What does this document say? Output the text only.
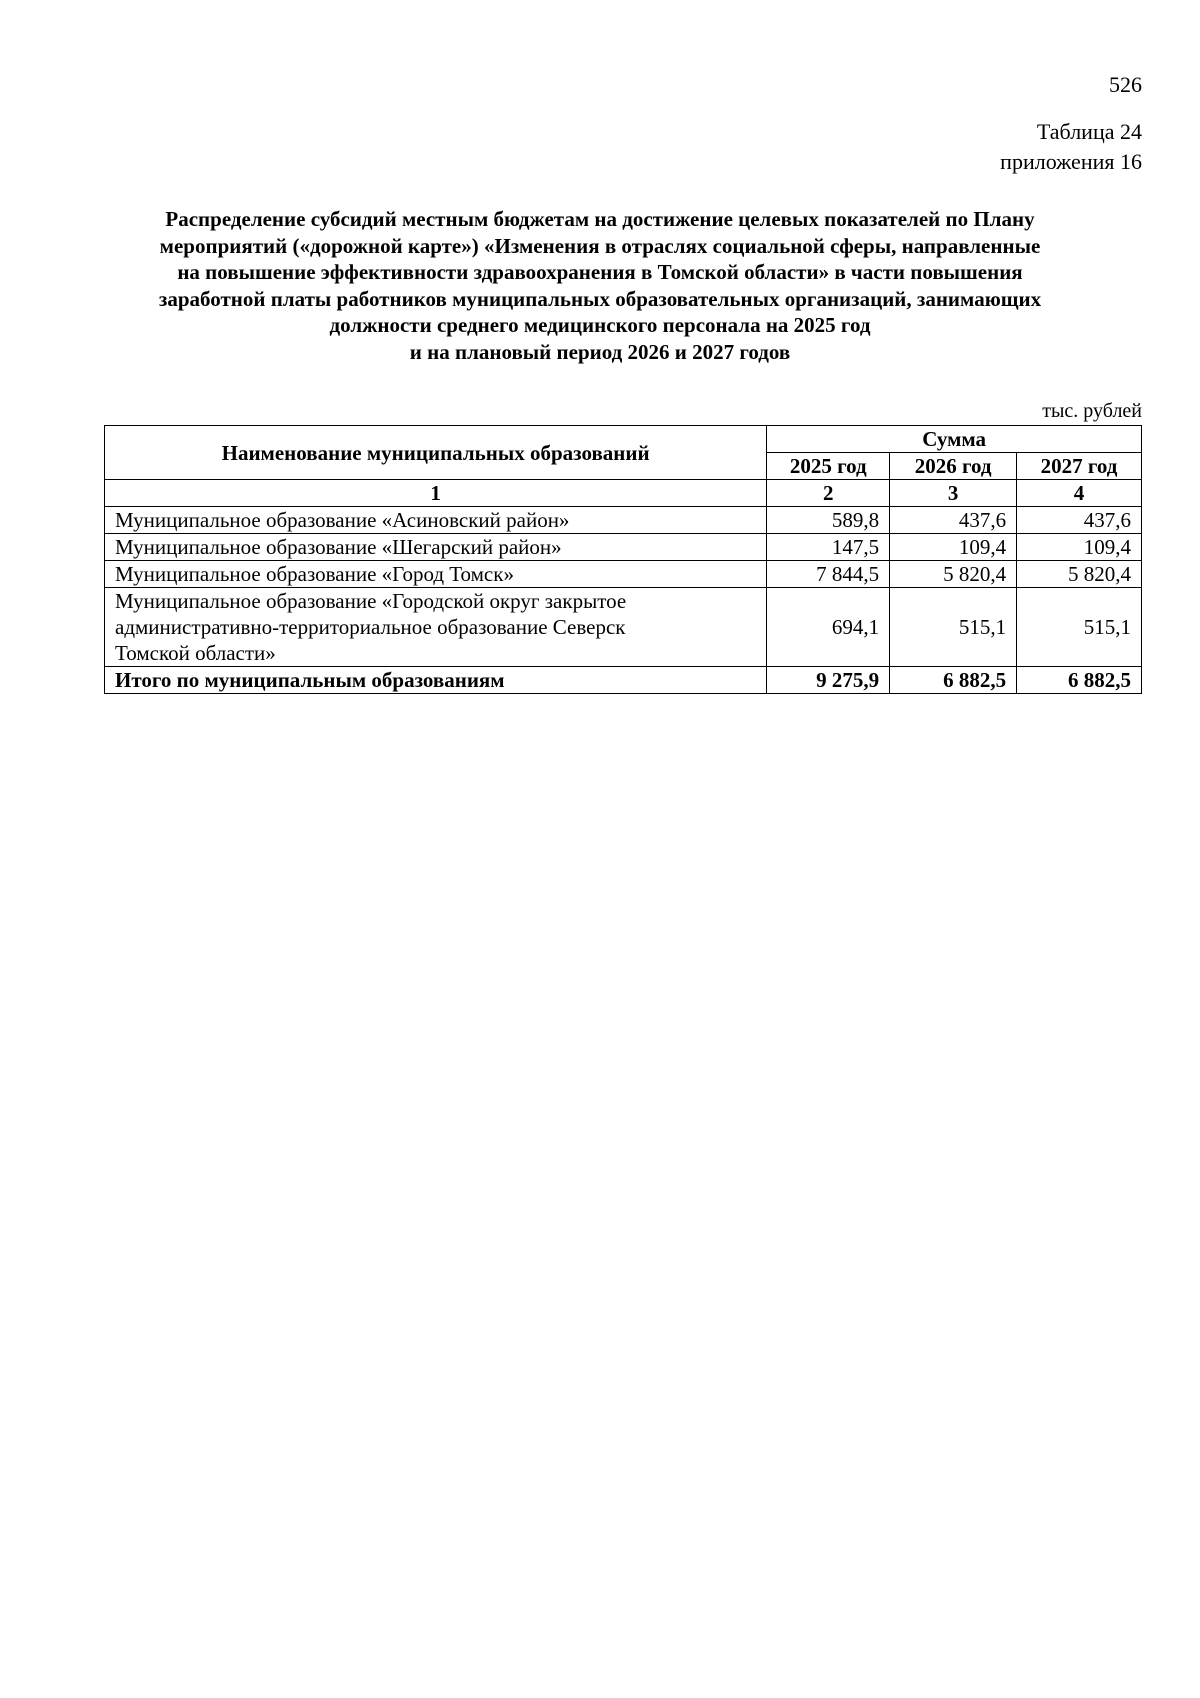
526
Таблица 24
приложения 16
Распределение субсидий местным бюджетам на достижение целевых показателей по Плану
мероприятий («дорожной карте») «Изменения в отраслях социальной сферы, направленные
на повышение эффективности здравоохранения в Томской области» в части повышения
заработной платы работников муниципальных образовательных организаций, занимающих
должности среднего медицинского персонала на 2025 год
и на плановый период 2026 и 2027 годов
тыс. рублей
Наименование муниципальных образований	Сумма		
	2025 год	2026 год	2027 год
1	2	3	4
Муниципальное образование «Асиновский район»	589,8	437,6	437,6
Муниципальное образование «Шегарский район»	147,5	109,4	109,4
Муниципальное образование «Город Томск»	7 844,5	5 820,4	5 820,4

Муниципальное образование «Городской округ закрытое
административно-территориальное образование Северск
Томской области»	694,1	515,1	515,1
Итого по муниципальным образованиям	9 275,9	6 882,5	6 882,5
